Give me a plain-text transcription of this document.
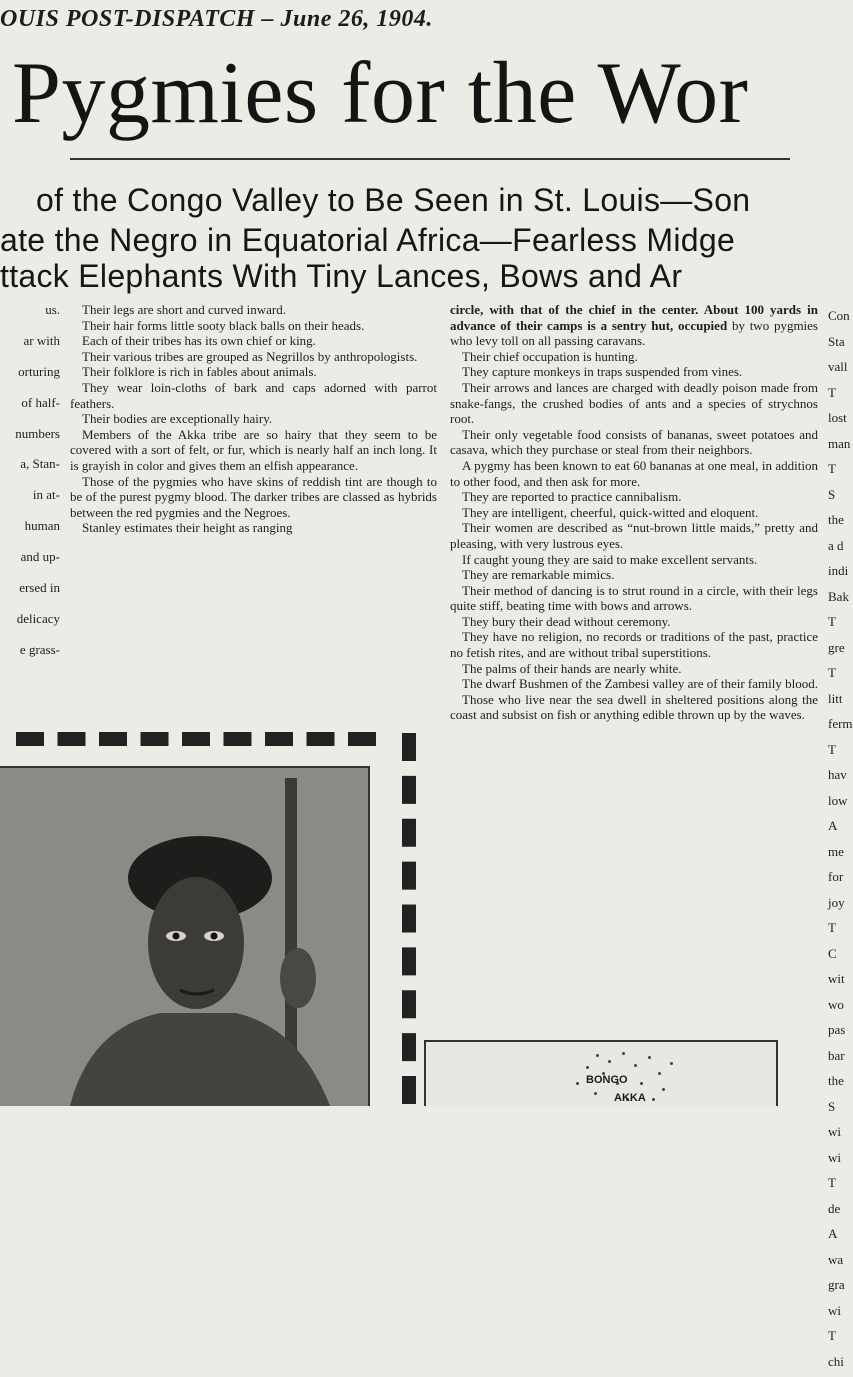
OUIS POST-DISPATCH – June 26, 1904.
Pygmies for the Wor
of the Congo Valley to Be Seen in St. Louis—Son
ate the Negro in Equatorial Africa—Fearless Midge
ttack Elephants With Tiny Lances, Bows and Ar

us.

ar with

orturing

of half-

numbers

a, Stan-

in at-

human

and up-

ersed in

delicacy

e grass-

Their legs are short and curved inward.

Their hair forms little sooty black balls on their heads.

Each of their tribes has its own chief or king.

Their various tribes are grouped as Negrillos by anthropologists.

Their folklore is rich in fables about animals.

They wear loin-cloths of bark and caps adorned with parrot feathers.

Their bodies are exceptionally hairy.

Members of the Akka tribe are so hairy that they seem to be covered with a sort of felt, or fur, which is nearly half an inch long. It is grayish in color and gives them an elfish appearance.

Those of the pygmies who have skins of reddish tint are though to be of the purest pygmy blood. The darker tribes are classed as hybrids between the red pygmies and the Negroes.

Stanley estimates their height as ranging

circle, with that of the chief in the center. About 100 yards in advance of their camps is a sentry hut, occupied by two pygmies who levy toll on all passing caravans.

Their chief occupation is hunting.

They capture monkeys in traps suspended from vines.

Their arrows and lances are charged with deadly poison made from snake-fangs, the crushed bodies of ants and a species of strychnos root.

Their only vegetable food consists of bananas, sweet potatoes and casava, which they purchase or steal from their neighbors.

A pygmy has been known to eat 60 bananas at one meal, in addition to other food, and then ask for more.

They are reported to practice cannibalism.

They are intelligent, cheerful, quick-witted and eloquent.

Their women are described as “nut-brown little maids,” pretty and pleasing, with very lustrous eyes.

If caught young they are said to make excellent servants.

They are remarkable mimics.

Their method of dancing is to strut round in a circle, with their legs quite stiff, beating time with bows and arrows.

They bury their dead without ceremony.

They have no religion, no records or traditions of the past, practice no fetish rites, and are without tribal superstitions.

The palms of their hands are nearly white.

The dwarf Bushmen of the Zambesi valley are of their family blood.

Those who live near the sea dwell in sheltered positions along the coast and subsist on fish or anything edible thrown up by the waves.

Con

Sta

vall

T

lost

man

T

S

the

a d

indi

Bak

T

gre

T

litt

ferm

T

hav

low

A

me

for

joy

T

C

wit

wo

pas

bar

the

S

wi

wi

T

de

A

wa

gra

wi

T

chi

BONGO
AKKA
